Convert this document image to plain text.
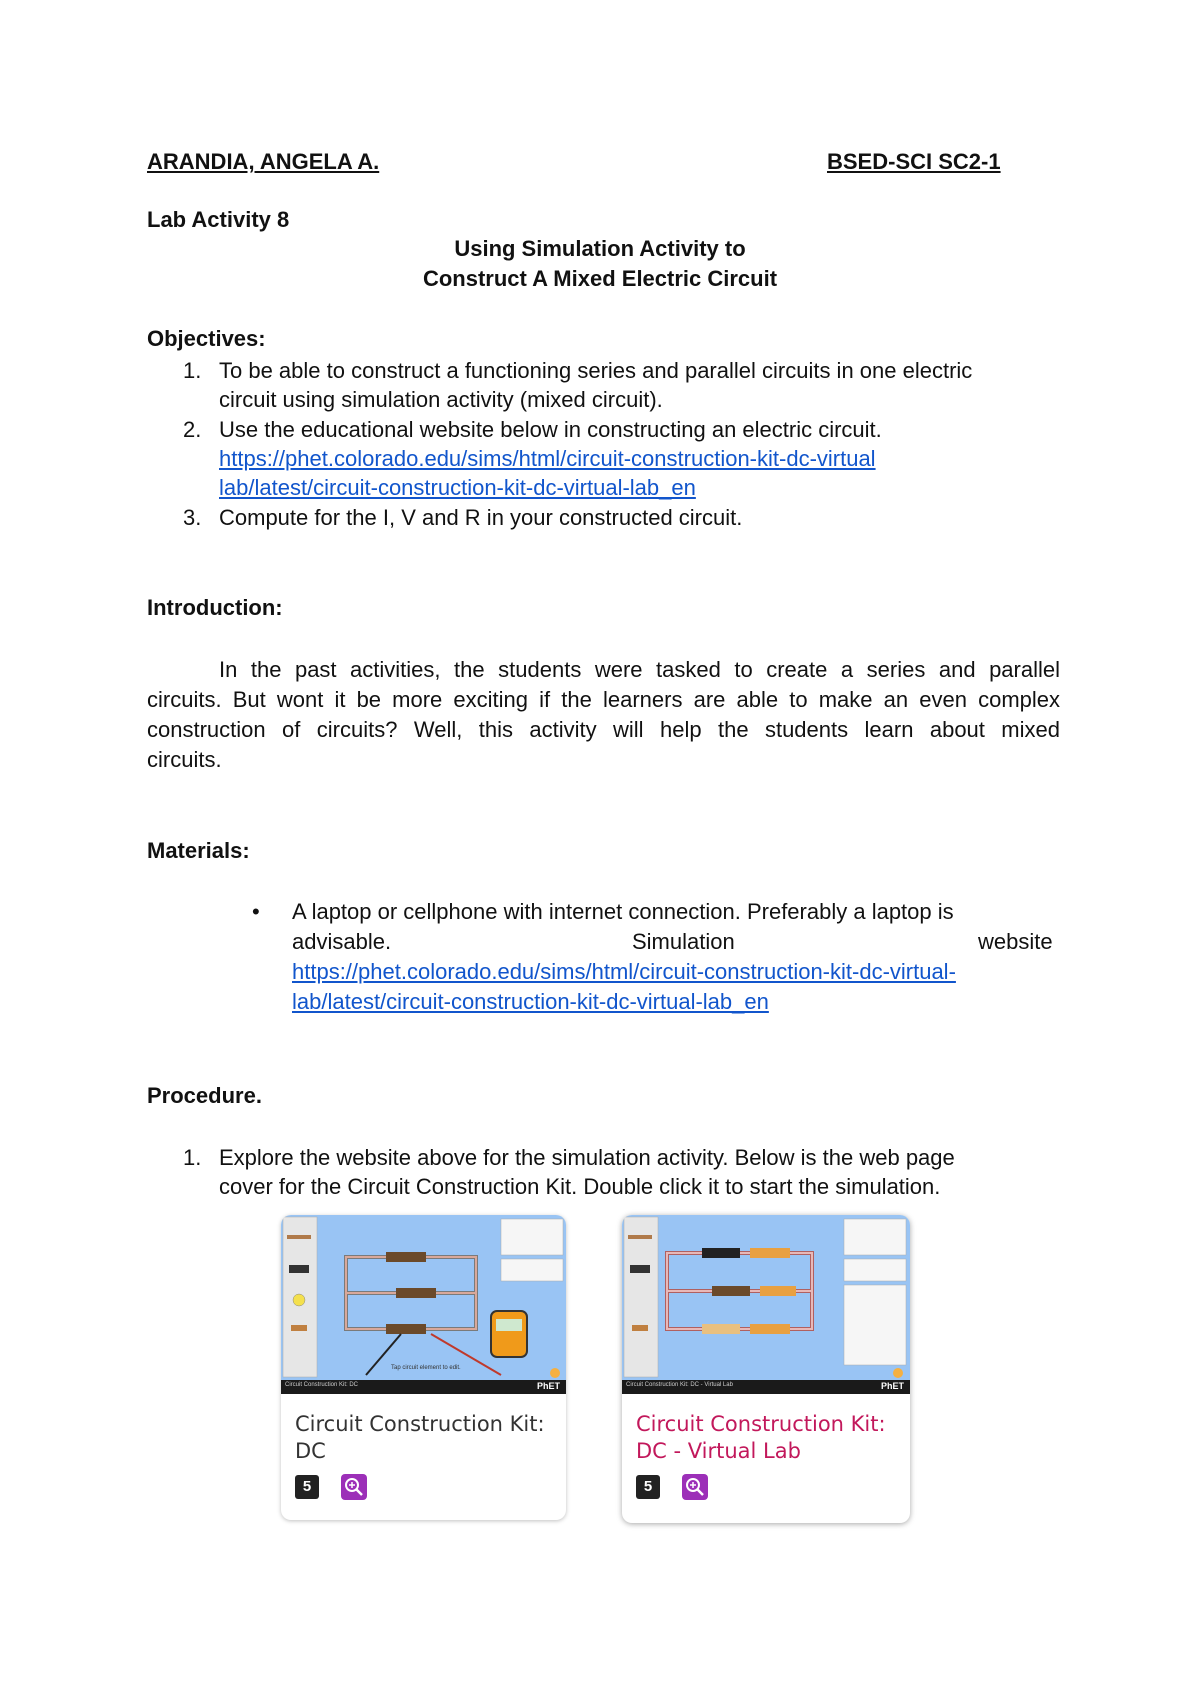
ARANDIA, ANGELA A.	BSED-SCI SC2-1
Lab Activity 8
Using Simulation Activity to
Construct A Mixed Electric Circuit
Objectives:
1. To be able to construct a functioning series and parallel circuits in one electric
circuit using simulation activity (mixed circuit).
2. Use the educational website below in constructing an electric circuit.
https://phet.colorado.edu/sims/html/circuit-construction-kit-dc-virtual
lab/latest/circuit-construction-kit-dc-virtual-lab_en
3. Compute for the I, V and R in your constructed circuit.
Introduction:
In the past activities, the students were tasked to create a series and parallel
circuits. But wont it be more exciting if the learners are able to make an even complex
construction of circuits? Well, this activity will help the students learn about mixed
circuits.
Materials:
• A laptop or cellphone with internet connection. Preferably a laptop is
advisable.	Simulation	website
https://phet.colorado.edu/sims/html/circuit-construction-kit-dc-virtual-
lab/latest/circuit-construction-kit-dc-virtual-lab_en
Procedure.
1. Explore the website above for the simulation activity. Below is the web page
cover for the Circuit Construction Kit. Double click it to start the simulation.
Tap circuit element to edit.
Circuit Construction Kit: DC	PhET
Circuit Construction Kit:
DC
5
Circuit Construction Kit: DC - Virtual Lab	PhET
Circuit Construction Kit:
DC - Virtual Lab
5
